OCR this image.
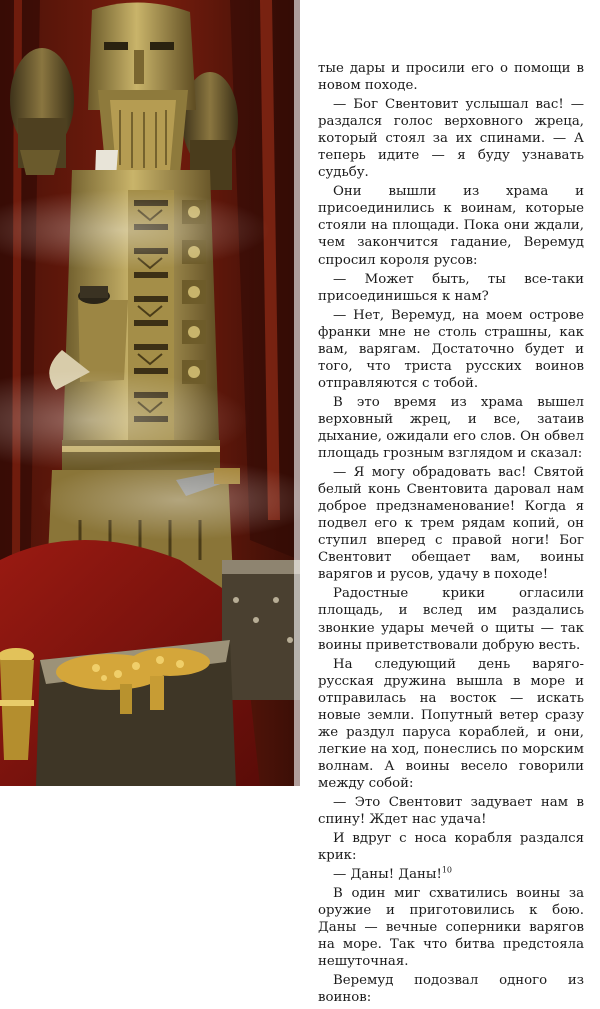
тые дары и просили его о помощи в новом походе.

— Бог Свентовит услышал вас! — раздался голос верховного жреца, который стоял за их спинами. — А теперь идите — я буду узнавать судьбу.

Они вышли из храма и присоединились к воинам, которые стояли на площади. Пока они ждали, чем закончится гадание, Веремуд спросил короля русов:

— Может быть, ты все-таки присоединишься к нам?

— Нет, Веремуд, на моем острове франки мне не столь страшны, как вам, варягам. Достаточно будет и того, что триста русских воинов отправляются с тобой.

В это время из храма вышел верховный жрец, и все, затаив дыхание, ожидали его слов. Он обвел площадь грозным взглядом и сказал:

— Я могу обрадовать вас! Святой белый конь Свентовита даровал нам доброе предзнаменование! Когда я подвел его к трем рядам копий, он ступил вперед с правой ноги! Бог Свентовит обещает вам, воины варягов и русов, удачу в походе!

Радостные крики огласили площадь, и вслед им раздались звонкие удары мечей о щиты — так воины приветствовали добрую весть.

На следующий день варяго-русская дружина вышла в море и отправилась на восток — искать новые земли. Попутный ветер сразу же раздул паруса кораблей, и они, легкие на ход, понеслись по морским волнам. А воины весело говорили между собой:

— Это Свентовит задувает нам в спину! Ждет нас удача!

И вдруг с носа корабля раздался крик:

— Даны! Даны!$^{10}$

В один миг схватились воины за оружие и приготовились к бою. Даны — вечные соперники варягов на море. Так что битва предстояла нешуточная.

Веремуд подозвал одного из воинов:
